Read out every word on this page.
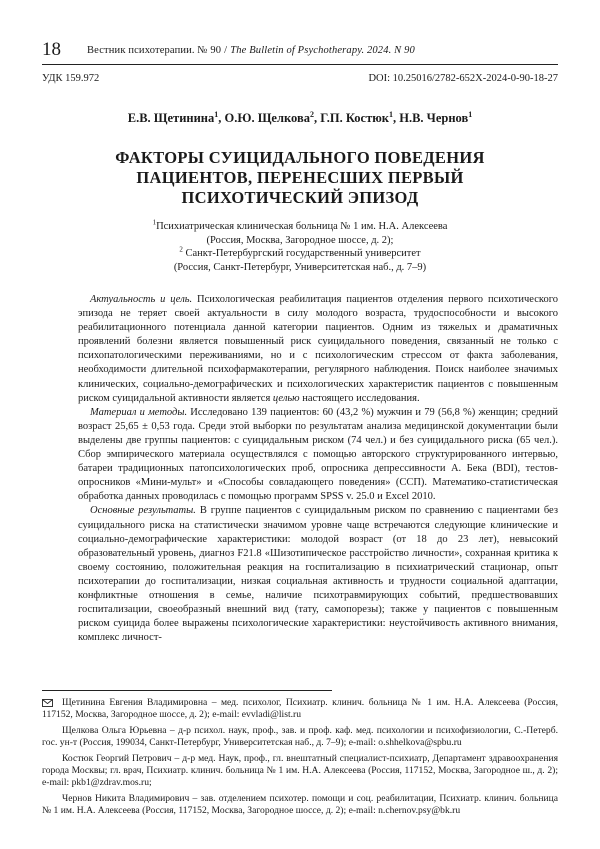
18 Вестник психотерапии. № 90 / The Bulletin of Psychotherapy. 2024. N 90
УДК 159.972	DOI: 10.25016/2782-652X-2024-0-90-18-27
Е.В. Щетинина$^1$, О.Ю. Щелкова$^2$, Г.П. Костюк$^1$, Н.В. Чернов$^1$
ФАКТОРЫ СУИЦИДАЛЬНОГО ПОВЕДЕНИЯ
ПАЦИЕНТОВ, ПЕРЕНЕСШИХ ПЕРВЫЙ
ПСИХОТИЧЕСКИЙ ЭПИЗОД
$^1$Психиатрическая клиническая больница № 1 им. Н.А. Алексеева
(Россия, Москва, Загородное шоссе, д. 2);
$^2$ Санкт-Петербургский государственный университет
(Россия, Санкт-Петербург, Университетская наб., д. 7–9)

Актуальность и цель. Психологическая реабилитация пациентов отделения первого психотического эпизода не теряет своей актуальности в силу молодого возраста, трудоспособности и высокого реабилитационного потенциала данной категории пациентов. Одним из тяжелых и драматичных проявлений болезни является повышенный риск суицидального поведения, связанный не только с психопатологическими переживаниями, но и с психологическим стрессом от факта заболевания, необходимости длительной психофармакотерапии, регулярного наблюдения. Поиск наиболее значимых клинических, социально-демографических и психологических характеристик пациентов с повышенным риском суицидальной активности является целью настоящего исследования.

Материал и методы. Исследовано 139 пациентов: 60 (43,2 %) мужчин и 79 (56,8 %) женщин; средний возраст 25,65 ± 0,53 года. Среди этой выборки по результатам анализа медицинской документации были выделены две группы пациентов: с суицидальным риском (74 чел.) и без суицидального риска (65 чел.). Сбор эмпирического материала осуществлялся с помощью авторского структурированного интервью, батареи традиционных патопсихологических проб, опросника депрессивности А. Бека (BDI), тестов-опросников «Мини-мульт» и «Способы совладающего поведения» (ССП). Математико-статистическая обработка данных проводилась с помощью программ SPSS v. 25.0 и Excel 2010.

Основные результаты. В группе пациентов с суицидальным риском по сравнению с пациентами без суицидального риска на статистически значимом уровне чаще встречаются следующие клинические и социально-демографические характеристики: молодой возраст (от 18 до 23 лет), невысокий образовательный уровень, диагноз F21.8 «Шизотипическое расстройство личности», сохранная критика к своему состоянию, положительная реакция на госпитализацию в психиатрический стационар, опыт психотерапии до госпитализации, низкая социальная активность и трудности социальной адаптации, конфликтные отношения в семье, наличие психотравмирующих событий, предшествовавших госпитализации, своеобразный внешний вид (тату, самопорезы); также у пациентов с повышенным риском суицида более выражены психологические характеристики: неустойчивость активного внимания, комплекс личност-

Щетинина Евгения Владимировна – мед. психолог, Психиатр. клинич. больница № 1 им. Н.А. Алексеева (Россия, 117152, Москва, Загородное шоссе, д. 2); e-mail: evvladi@list.ru

Щелкова Ольга Юрьевна – д-р психол. наук, проф., зав. и проф. каф. мед. психологии и психофизиологии, С.-Петерб. гос. ун-т (Россия, 199034, Санкт-Петербург, Университетская наб., д. 7–9); e-mail: o.shhelkova@spbu.ru

Костюк Георгий Петрович – д-р мед. Наук, проф., гл. внештатный специалист-психиатр, Департамент здравоохранения города Москвы; гл. врач, Психиатр. клинич. больница № 1 им. Н.А. Алексеева (Россия, 117152, Москва, Загородное ш., д. 2); e-mail: pkb1@zdrav.mos.ru;

Чернов Никита Владимирович – зав. отделением психотер. помощи и соц. реабилитации, Психиатр. клинич. больница № 1 им. Н.А. Алексеева (Россия, 117152, Москва, Загородное шоссе, д. 2); e-mail: n.chernov.psy@bk.ru
